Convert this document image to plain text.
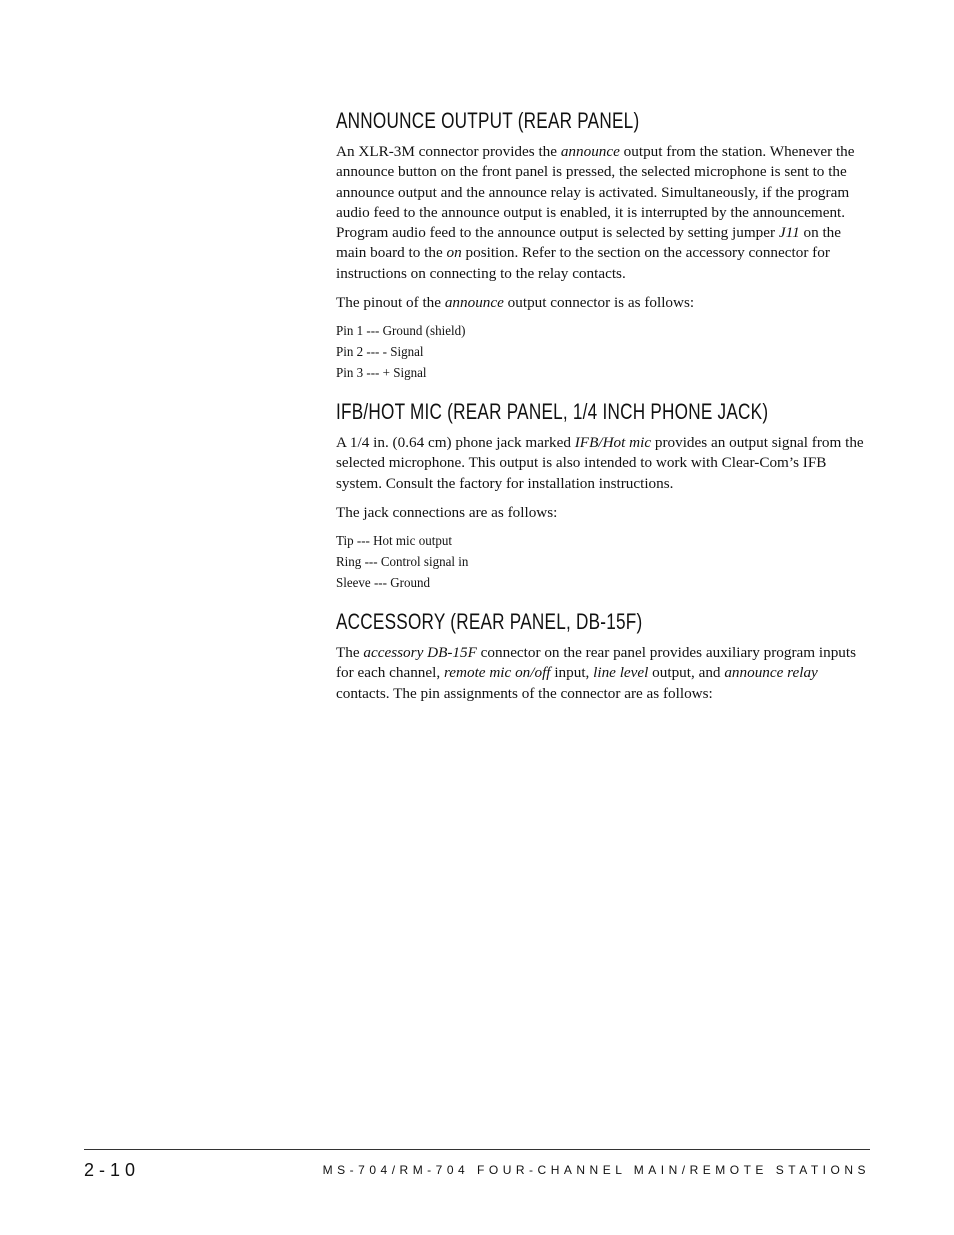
ANNOUNCE OUTPUT (REAR PANEL)

An XLR-3M connector provides the announce output from the station. Whenever the announce button on the front panel is pressed, the selected microphone is sent to the announce output and the announce relay is activated. Simultaneously, if the program audio feed to the announce output is enabled, it is interrupted by the announcement. Program audio feed to the announce output is selected by setting jumper J11 on the main board to the on position. Refer to the section on the accessory connector for instructions on connecting to the relay contacts.

The pinout of the announce output connector is as follows:

Pin 1 --- Ground (shield)
Pin 2 --- - Signal
Pin 3 --- + Signal
IFB/HOT MIC (REAR PANEL, 1/4 INCH PHONE JACK)

A 1/4 in. (0.64 cm) phone jack marked IFB/Hot mic provides an output signal from the selected microphone. This output is also intended to work with Clear-Com’s IFB system. Consult the factory for installation instructions.

The jack connections are as follows:

Tip --- Hot mic output
Ring --- Control signal in
Sleeve --- Ground
ACCESSORY (REAR PANEL, DB-15F)

The accessory DB-15F connector on the rear panel provides auxiliary program inputs for each channel, remote mic on/off input, line level output, and announce relay contacts. The pin assignments of the connector are as follows:

2-10	MS-704/RM-704 FOUR-CHANNEL MAIN/REMOTE STATIONS
